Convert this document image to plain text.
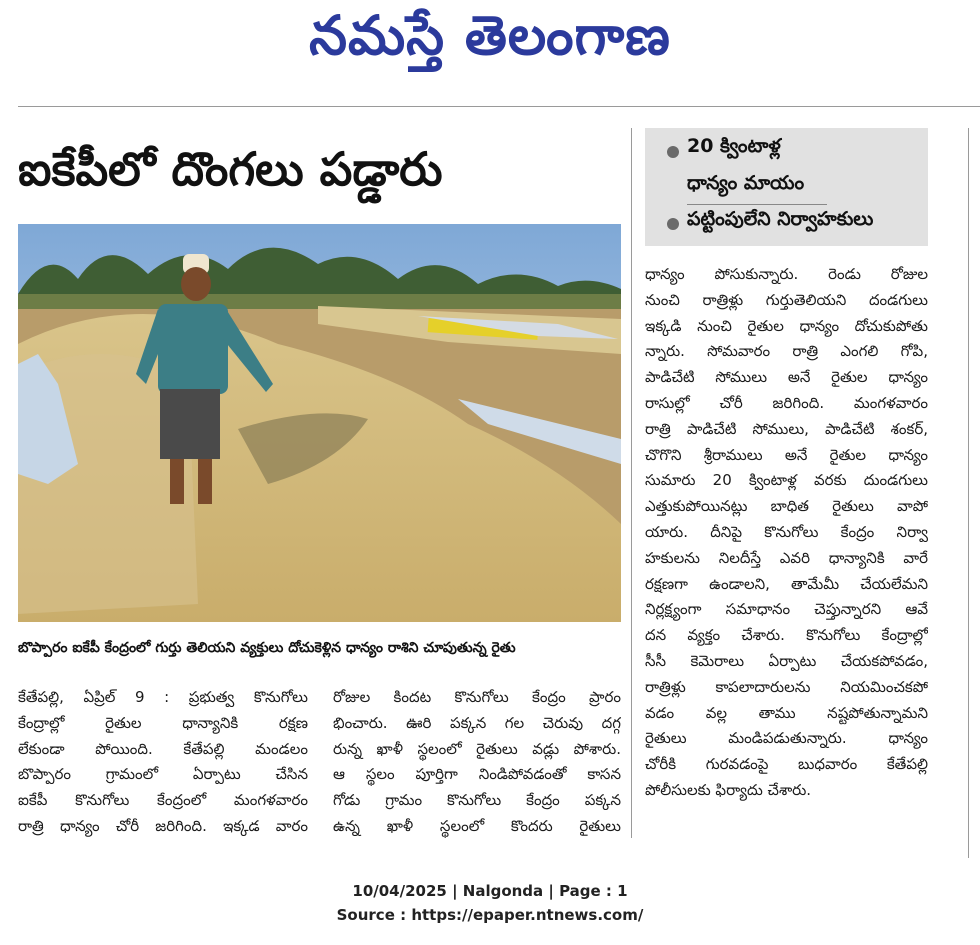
నమస్తే తెలంగాణ
ఐకేపీలో దొంగలు పడ్డారు
బొప్పారం ఐకేపీ కేంద్రంలో గుర్తు తెలియని వ్యక్తులు దోచుకెళ్లిన ధాన్యం రాశిని చూపుతున్న రైతు
20 క్వింటాళ్ల
ధాన్యం మాయం
పట్టింపులేని నిర్వాహకులు
కేతేపల్లి, ఏప్రిల్ 9 : ప్రభుత్వ కొనుగోలు
కేంద్రాల్లో రైతుల ధాన్యానికి రక్షణ
లేకుండా పోయింది. కేతేపల్లి మండలం
బొప్పారం గ్రామంలో ఏర్పాటు చేసిన
ఐకేపీ కొనుగోలు కేంద్రంలో మంగళవారం
రాత్రి ధాన్యం చోరీ జరిగింది. ఇక్కడ వారం
రోజుల కిందట కొనుగోలు కేంద్రం ప్రారం
భించారు. ఊరి పక్కన గల చెరువు దగ్గ
రున్న ఖాళీ స్థలంలో రైతులు వడ్లు పోశారు.
ఆ స్థలం పూర్తిగా నిండిపోవడంతో కాసన
గోడు గ్రామం కొనుగోలు కేంద్రం పక్కన
ఉన్న ఖాళీ స్థలంలో కొందరు రైతులు
ధాన్యం పోసుకున్నారు. రెండు రోజుల
నుంచి రాత్రిళ్లు గుర్తుతెలియని దండగులు
ఇక్కడి నుంచి రైతుల ధాన్యం దోచుకుపోతు
న్నారు. సోమవారం రాత్రి ఎంగలి గోపి,
పాడిచేటి సోములు అనే రైతుల ధాన్యం
రాసుల్లో చోరీ జరిగింది. మంగళవారం
రాత్రి పాడిచేటి సోములు, పాడిచేటి శంకర్,
చొగొని శ్రీరాములు అనే రైతుల ధాన్యం
సుమారు 20 క్వింటాళ్ల వరకు దుండగులు
ఎత్తుకుపోయినట్లు బాధిత రైతులు వాపో
యారు. దీనిపై కొనుగోలు కేంద్రం నిర్వా
హకులను నిలదీస్తే ఎవరి ధాన్యానికి వారే
రక్షణగా ఉండాలని, తామేమీ చేయలేమని
నిర్లక్ష్యంగా సమాధానం చెప్తున్నారని ఆవే
దన వ్యక్తం చేశారు. కొనుగోలు కేంద్రాల్లో
సీసీ కెమెరాలు ఏర్పాటు చేయకపోవడం,
రాత్రిళ్లు కాపలాదారులను నియమించకపో
వడం వల్ల తాము నష్టపోతున్నామని
రైతులు మండిపడుతున్నారు. ధాన్యం
చోరీకి గురవడంపై బుధవారం కేతేపల్లి
పోలీసులకు ఫిర్యాదు చేశారు.
10/04/2025 | Nalgonda | Page : 1
Source : https://epaper.ntnews.com/
